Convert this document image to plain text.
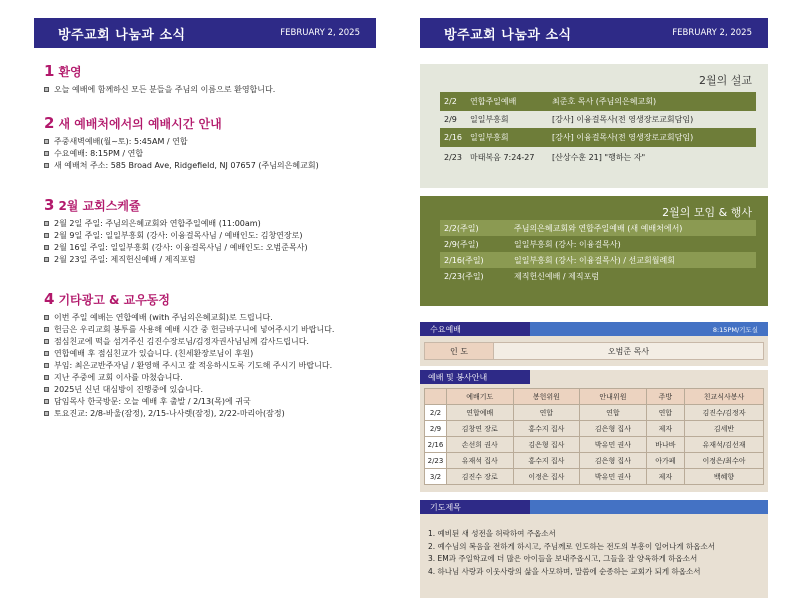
방주교회 나눔과 소식	FEBRUARY 2, 2025	방주교회 나눔과 소식	FEBRUARY 2, 2025
1 환영
오늘 예배에 함께하신 모든 분들을 주님의 이름으로 환영합니다.
2 새 예배처에서의 예배시간 안내
주중새벽예배(월~토): 5:45AM / 연합
수요예배: 8:15PM / 연합
새 예배처 주소: 585 Broad Ave, Ridgefield, NJ 07657 (주님의은혜교회)
3 2월 교회스케쥴
2월 2일 주일: 주님의은혜교회와 연합주일예배 (11:00am)
2월 9일 주일: 일일부흥회 (강사: 이융걸목사님 / 예배인도: 김창연장로)
2월 16일 주일: 일일부흥회 (강사: 이융걸목사님 / 예배인도: 오범준목사)
2월 23일 주일: 제직헌신예배 / 제직포럼
4 기타광고 & 교우동정
이번 주일 예배는 연합예배 (with 주님의은혜교회)로 드립니다.
헌금은 우리교회 봉투를 사용해 예배 시간 중 헌금바구니에 넣어주시기 바랍니다.
점심친교에 떡을 섬겨주신 김진수장로님/김정자권사님님께 감사드립니다.
연합예배 후 점심친교가 있습니다. (친세환장로님이 후원)
부임: 최은교반주자님 / 환영해 주시고 잘 적응하시도록 기도해 주시기 바랍니다.
지난 주중에 교회 이사를 마쳤습니다.
2025년 신년 대심방이 진행중에 있습니다.
담임목사 한국방문: 오늘 예배 후 출발 / 2/13(목)에 귀국
토요진교: 2/8-바울(잠정), 2/15-나사렛(잠정), 2/22-마리아(잠정)
2월의 설교
2/2	연합주일예배	최준호 목사 (주님의은혜교회)
2/9	일일부흥회	[강사] 이융걸목사(전 영생장로교회담임)
2/16	일일부흥회	[강사] 이융걸목사(전 영생장로교회담임)
2/23	마태복음 7:24-27	[산상수훈 21] "행하는 자"
2월의 모임 & 행사
2/2(주일)	주님의은혜교회와 연합주일예배 (새 예배처에서)
2/9(주일)	일일부흥회 (강사: 이융걸목사)
2/16(주일)	일일부흥회 (강사: 이융걸목사) / 선교회월례회
2/23(주일)	제직헌신예배 / 제직포럼
수요예배	8:15PM/기도실
인 도	오범준 목사
예배 및 봉사안내
	예배기도	봉헌위원	안내위원	주방	친교식사봉사
2/2	연합예배	연합	연합	연합	김진수/김정자
2/9	김창연 장로	홍수지 집사	김은형 집사	제자	김세반
2/16	손선희 권사	김은형 집사	박유민 권사	바나바	유재석/김선재
2/23	유재석 집사	홍수지 집사	김은형 집사	아가페	이정은/최수아
3/2	김진수 장로	이정은 집사	박유민 권사	제자	백혜향
기도제목
1. 예비된 새 성전을 허락하여 주옵소서
2. 예수님의 복음을 전하게 하시고, 주님께로 인도하는 전도의 부흥이 일어나게 하옵소서
3. EM과 주일학교에 더 많은 아이들을 보내주옵시고, 그들을 잘 양육하게 하옵소서
4. 하나님 사랑과 이웃사랑의 삶을 사모하며, 말씀에 순종하는 교회가 되게 하옵소서
